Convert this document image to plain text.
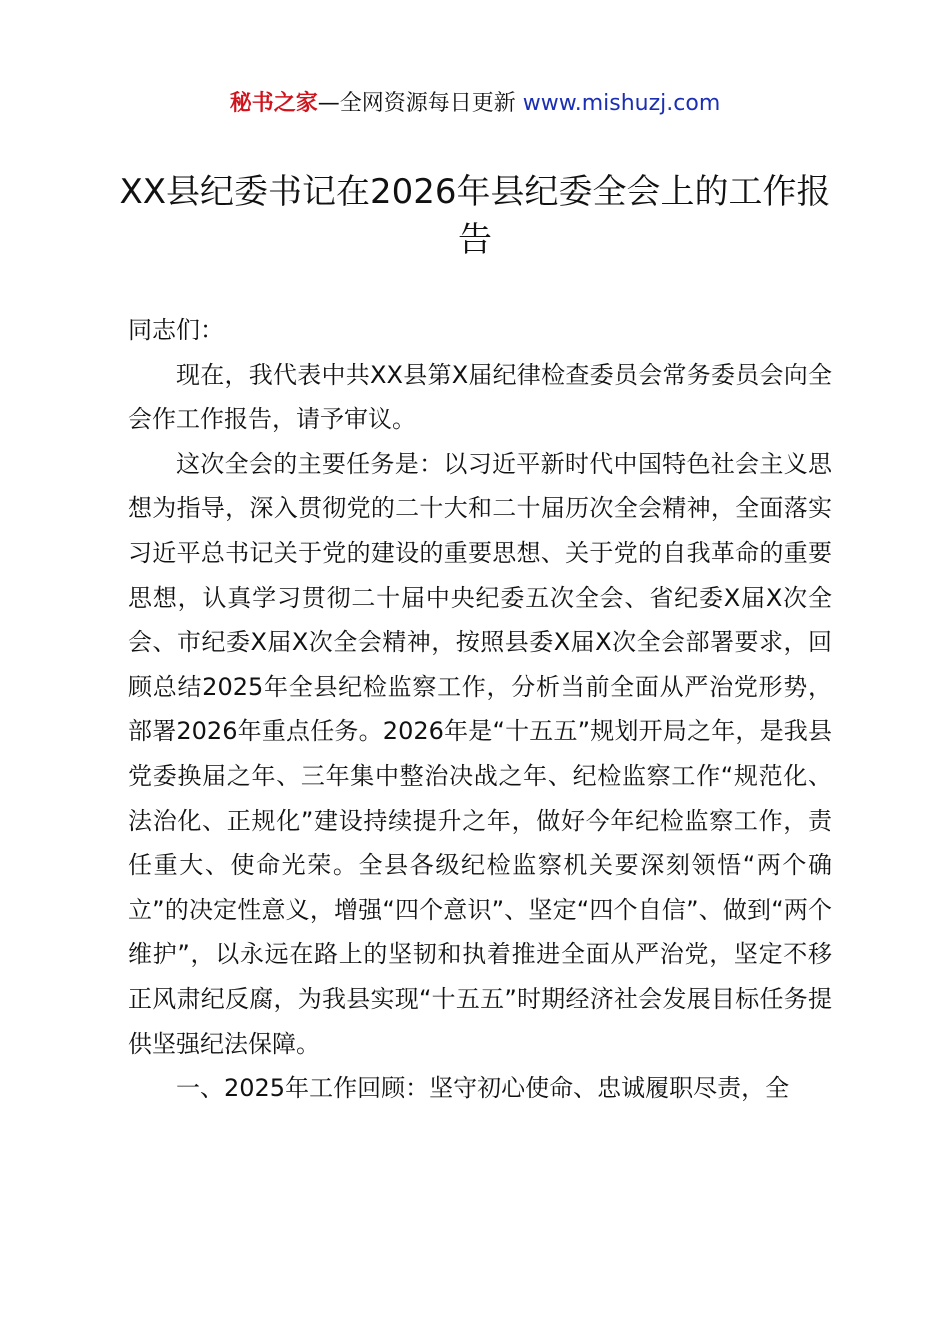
秘书之家—全网资源每日更新 www.mishuzj.com
XX县纪委书记在2026年县纪委全会上的工作报告

同志们：

现在，我代表中共XX县第X届纪律检查委员会常务委员会向全会作工作报告，请予审议。

这次全会的主要任务是：以习近平新时代中国特色社会主义思想为指导，深入贯彻党的二十大和二十届历次全会精神，全面落实习近平总书记关于党的建设的重要思想、关于党的自我革命的重要思想，认真学习贯彻二十届中央纪委五次全会、省纪委X届X次全会、市纪委X届X次全会精神，按照县委X届X次全会部署要求，回顾总结2025年全县纪检监察工作，分析当前全面从严治党形势，部署2026年重点任务。2026年是“十五五”规划开局之年，是我县党委换届之年、三年集中整治决战之年、纪检监察工作“规范化、法治化、正规化”建设持续提升之年，做好今年纪检监察工作，责任重大、使命光荣。全县各级纪检监察机关要深刻领悟“两个确立”的决定性意义，增强“四个意识”、坚定“四个自信”、做到“两个维护”，以永远在路上的坚韧和执着推进全面从严治党，坚定不移正风肃纪反腐，为我县实现“十五五”时期经济社会发展目标任务提供坚强纪法保障。

一、2025年工作回顾：坚守初心使命、忠诚履职尽责，全
